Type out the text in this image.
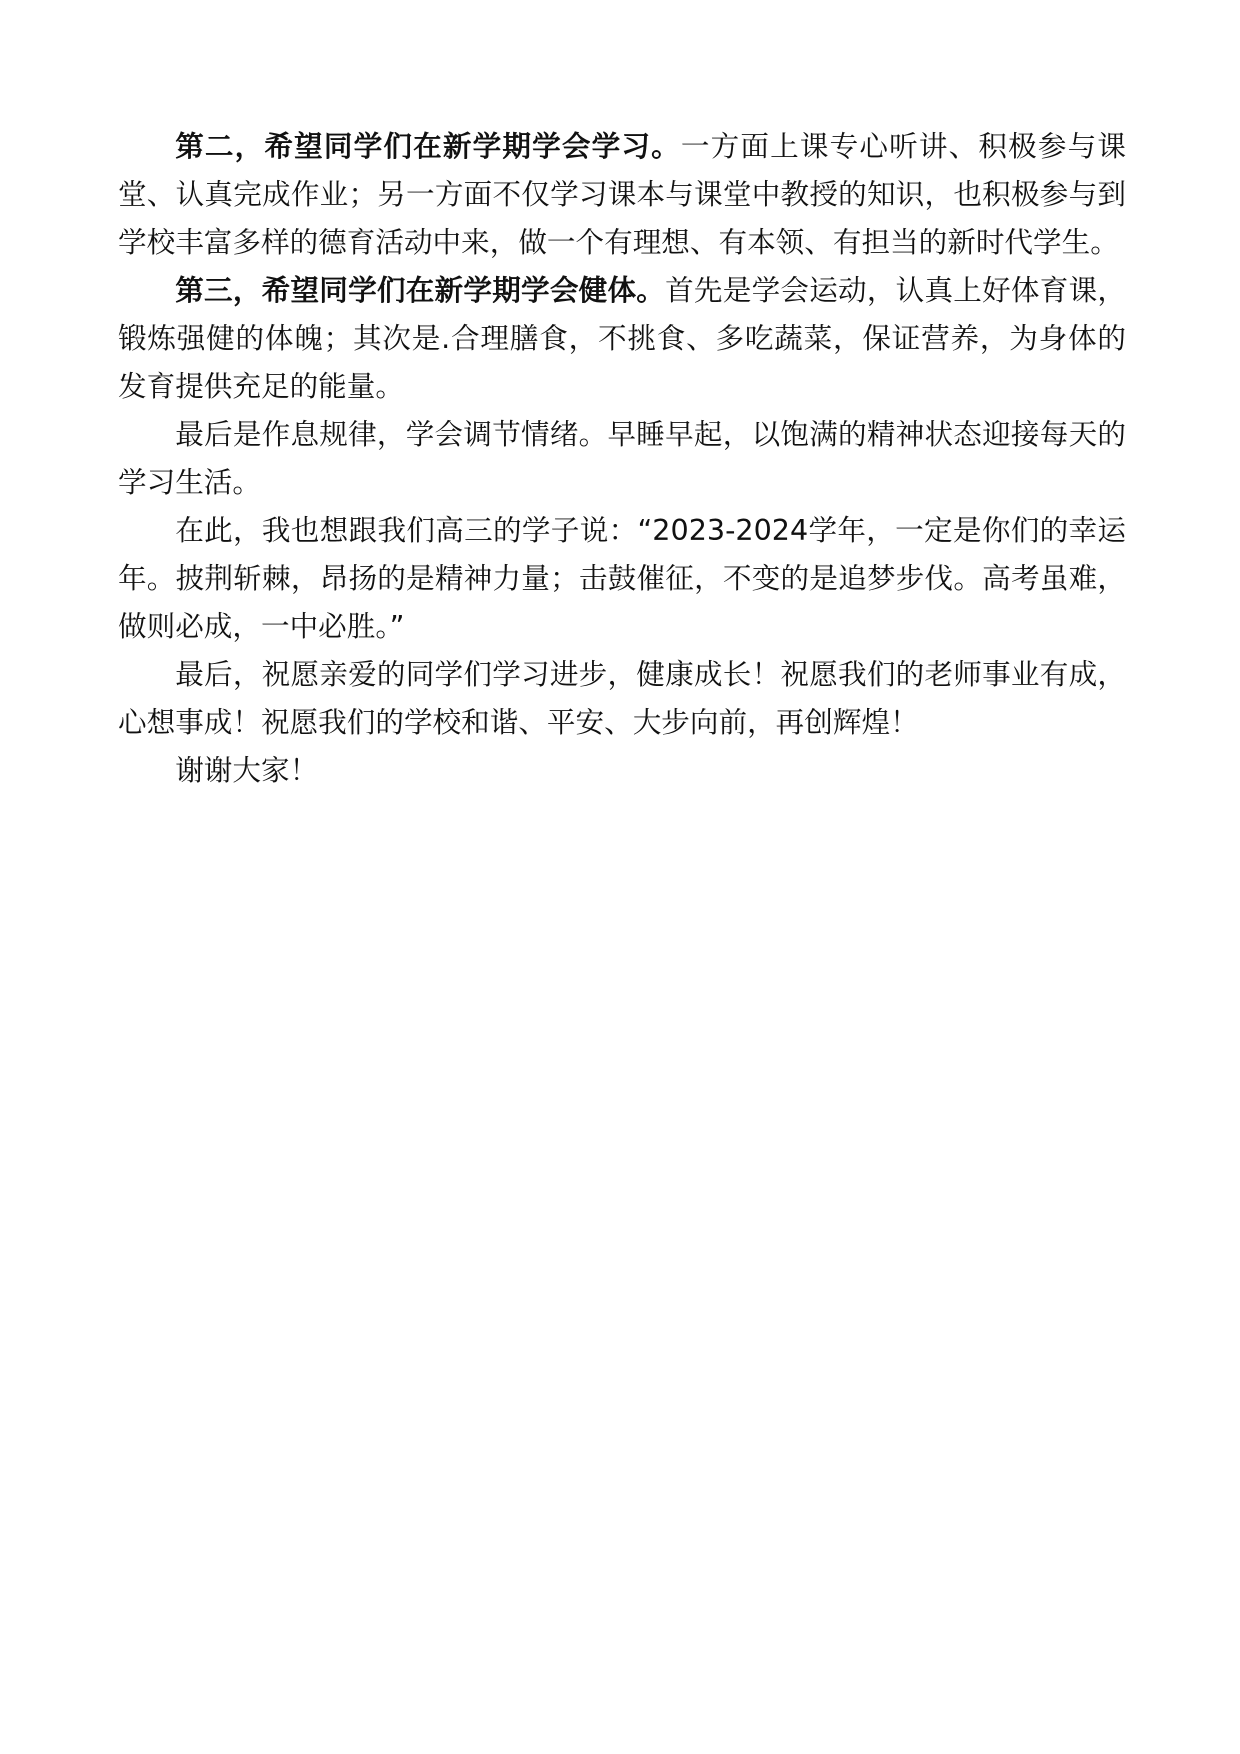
第二，希望同学们在新学期学会学习。一方面上课专心听讲、积极参与课堂、认真完成作业；另一方面不仅学习课本与课堂中教授的知识，也积极参与到学校丰富多样的德育活动中来，做一个有理想、有本领、有担当的新时代学生。

第三，希望同学们在新学期学会健体。首先是学会运动，认真上好体育课，锻炼强健的体魄；其次是.合理膳食，不挑食、多吃蔬菜，保证营养，为身体的发育提供充足的能量。

最后是作息规律，学会调节情绪。早睡早起，以饱满的精神状态迎接每天的学习生活。

在此，我也想跟我们高三的学子说：“2023-2024学年，一定是你们的幸运年。披荆斩棘，昂扬的是精神力量；击鼓催征，不变的是追梦步伐。高考虽难，做则必成，一中必胜。”

最后，祝愿亲爱的同学们学习进步，健康成长！祝愿我们的老师事业有成，心想事成！祝愿我们的学校和谐、平安、大步向前，再创辉煌！

谢谢大家！
